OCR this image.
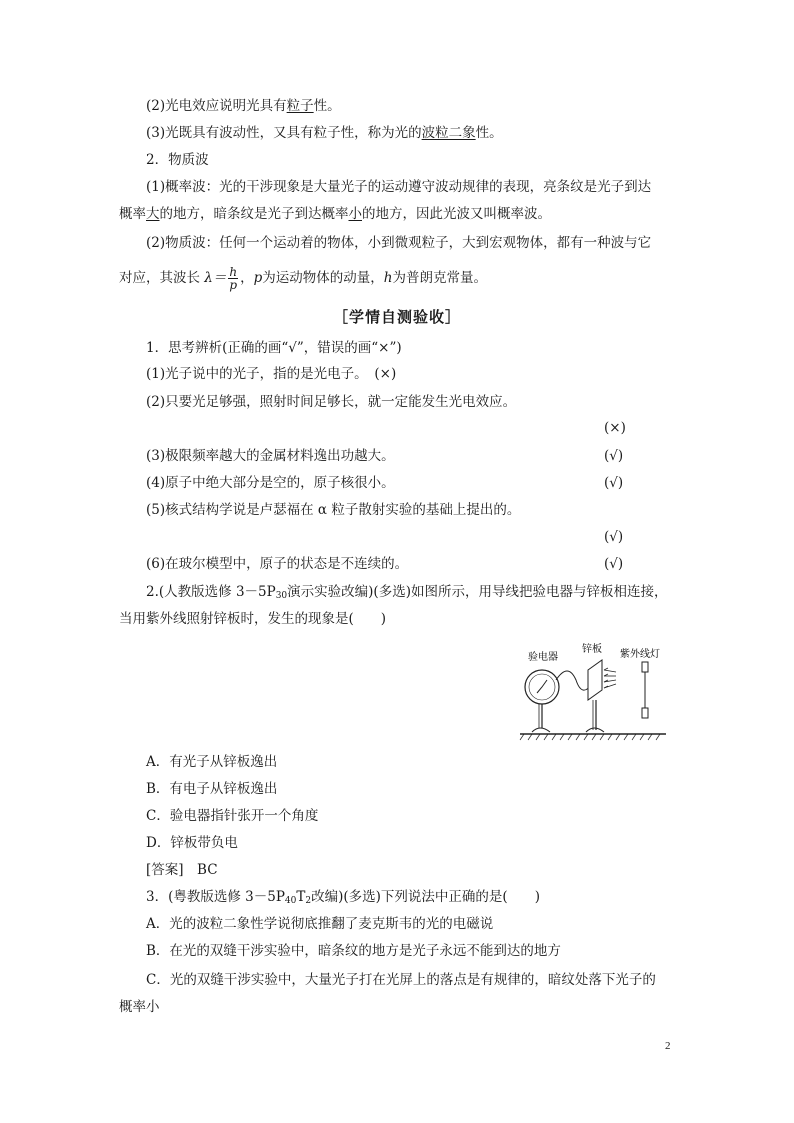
(2)光电效应说明光具有粒子性。
(3)光既具有波动性，又具有粒子性，称为光的波粒二象性。
2．物质波
(1)概率波：光的干涉现象是大量光子的运动遵守波动规律的表现，亮条纹是光子到达
概率大的地方，暗条纹是光子到达概率小的地方，因此光波又叫概率波。
(2)物质波：任何一个运动着的物体，小到微观粒子，大到宏观物体，都有一种波与它
对应，其波长 $\lambda= \frac{h}{p}$ ，p为运动物体的动量，h为普朗克常量。
［学情自测验收］
1．思考辨析(正确的画“√”，错误的画“×”)
(1)光子说中的光子，指的是光电子。　(×)
(2)只要光足够强，照射时间足够长，就一定能发生光电效应。
(×)
(3)极限频率越大的金属材料逸出功越大。	(√)
(4)原子中绝大部分是空的，原子核很小。	(√)
(5)核式结构学说是卢瑟福在 α 粒子散射实验的基础上提出的。
(√)
(6)在玻尔模型中，原子的状态是不连续的。	(√)
2.(人教版选修 $3-5P_{30}$演示实验改编)(多选)如图所示，用导线把验电器与锌板相连接，
当用紫外线照射锌板时，发生的现象是(　　)
验电器
锌板 紫外线灯
A．有光子从锌板逸出
B．有电子从锌板逸出
C．验电器指针张开一个角度
D．锌板带负电
[答案]　 BC
3．(粤教版选修 $3-5P_{40}T_2$改编)(多选)下列说法中正确的是(　　)
A．光的波粒二象性学说彻底推翻了麦克斯韦的光的电磁说
B．在光的双缝干涉实验中，暗条纹的地方是光子永远不能到达的地方
C．光的双缝干涉实验中，大量光子打在光屏上的落点是有规律的，暗纹处落下光子的
概率小
2
